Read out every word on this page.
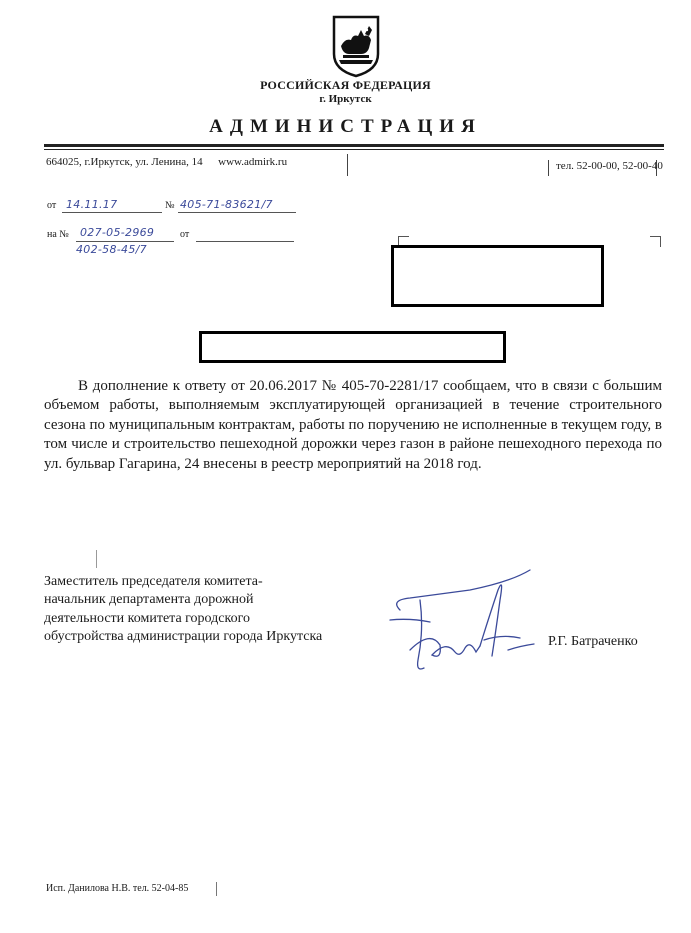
РОССИЙСКАЯ ФЕДЕРАЦИЯ
г. Иркутск
АДМИНИСТРАЦИЯ
664025, г.Иркутск, ул. Ленина, 14 www.admirk.ru	тел. 52-00-00, 52-00-40
от 14.11.17	№ 405-71-83621/7
на № 027-05-2969
402-58-45/7
от
В дополнение к ответу от 20.06.2017 № 405-70-2281/17 сообщаем, что в связи с большим объемом работы, выполняемым эксплуатирующей организацией в течение строительного сезона по муниципальным контрактам, работы по поручению не исполненные в текущем году, в том числе и строительство пешеходной дорожки через газон в районе пешеходного перехода по ул. бульвар Гагарина, 24 внесены в реестр мероприятий на 2018 год.
Заместитель председателя комитета-
начальник департамента дорожной
деятельности комитета городского
обустройства администрации города Иркутска	Р.Г. Батраченко
Исп. Данилова Н.В. тел. 52-04-85
